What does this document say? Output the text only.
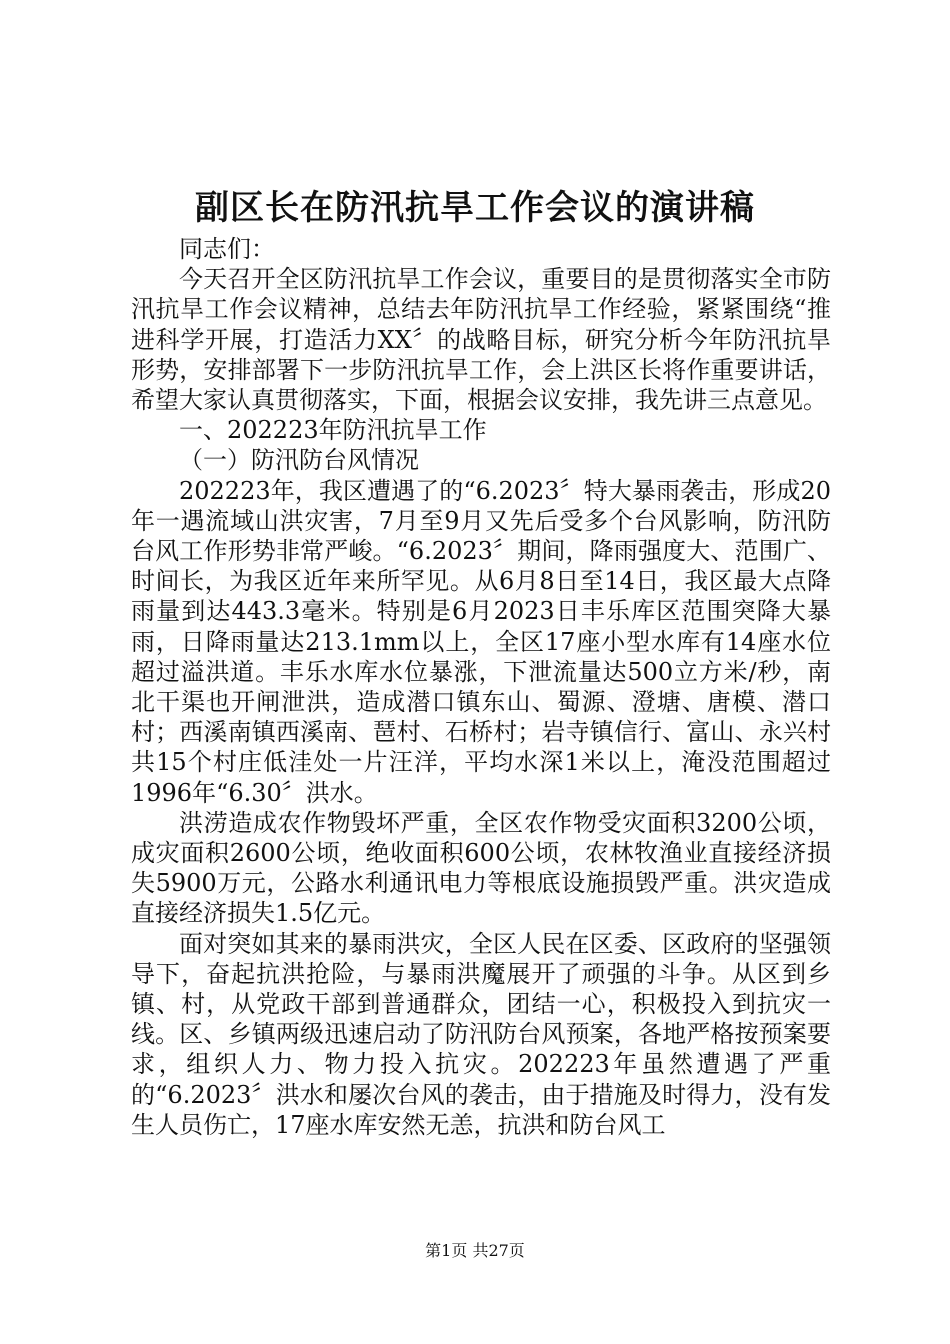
副区长在防汛抗旱工作会议的演讲稿

同志们：

今天召开全区防汛抗旱工作会议，重要目的是贯彻落实全市防汛抗旱工作会议精神，总结去年防汛抗旱工作经验，紧紧围绕“推进科学开展，打造活力XX〞的战略目标，研究分析今年防汛抗旱形势，安排部署下一步防汛抗旱工作，会上洪区长将作重要讲话，希望大家认真贯彻落实，下面，根据会议安排，我先讲三点意见。

一、202223年防汛抗旱工作

（一）防汛防台风情况

202223年，我区遭遇了的“6.2023〞特大暴雨袭击，形成20年一遇流域山洪灾害，7月至9月又先后受多个台风影响，防汛防台风工作形势非常严峻。“6.2023〞期间，降雨强度大、范围广、时间长，为我区近年来所罕见。从6月8日至14日，我区最大点降雨量到达443.3毫米。特别是6月2023日丰乐库区范围突降大暴雨，日降雨量达213.1mm以上，全区17座小型水库有14座水位超过溢洪道。丰乐水库水位暴涨，下泄流量达500立方米/秒，南北干渠也开闸泄洪，造成潜口镇东山、蜀源、澄塘、唐模、潜口村；西溪南镇西溪南、琶村、石桥村；岩寺镇信行、富山、永兴村共15个村庄低洼处一片汪洋，平均水深1米以上，淹没范围超过1996年“6.30〞洪水。

洪涝造成农作物毁坏严重，全区农作物受灾面积3200公顷，成灾面积2600公顷，绝收面积600公顷，农林牧渔业直接经济损失5900万元，公路水利通讯电力等根底设施损毁严重。洪灾造成直接经济损失1.5亿元。

面对突如其来的暴雨洪灾，全区人民在区委、区政府的坚强领导下，奋起抗洪抢险，与暴雨洪魔展开了顽强的斗争。从区到乡镇、村，从党政干部到普通群众，团结一心，积极投入到抗灾一线。区、乡镇两级迅速启动了防汛防台风预案，各地严格按预案要求，组织人力、物力投入抗灾。202223年虽然遭遇了严重的“6.2023〞洪水和屡次台风的袭击，由于措施及时得力，没有发生人员伤亡，17座水库安然无恙，抗洪和防台风工

第1页 共27页
